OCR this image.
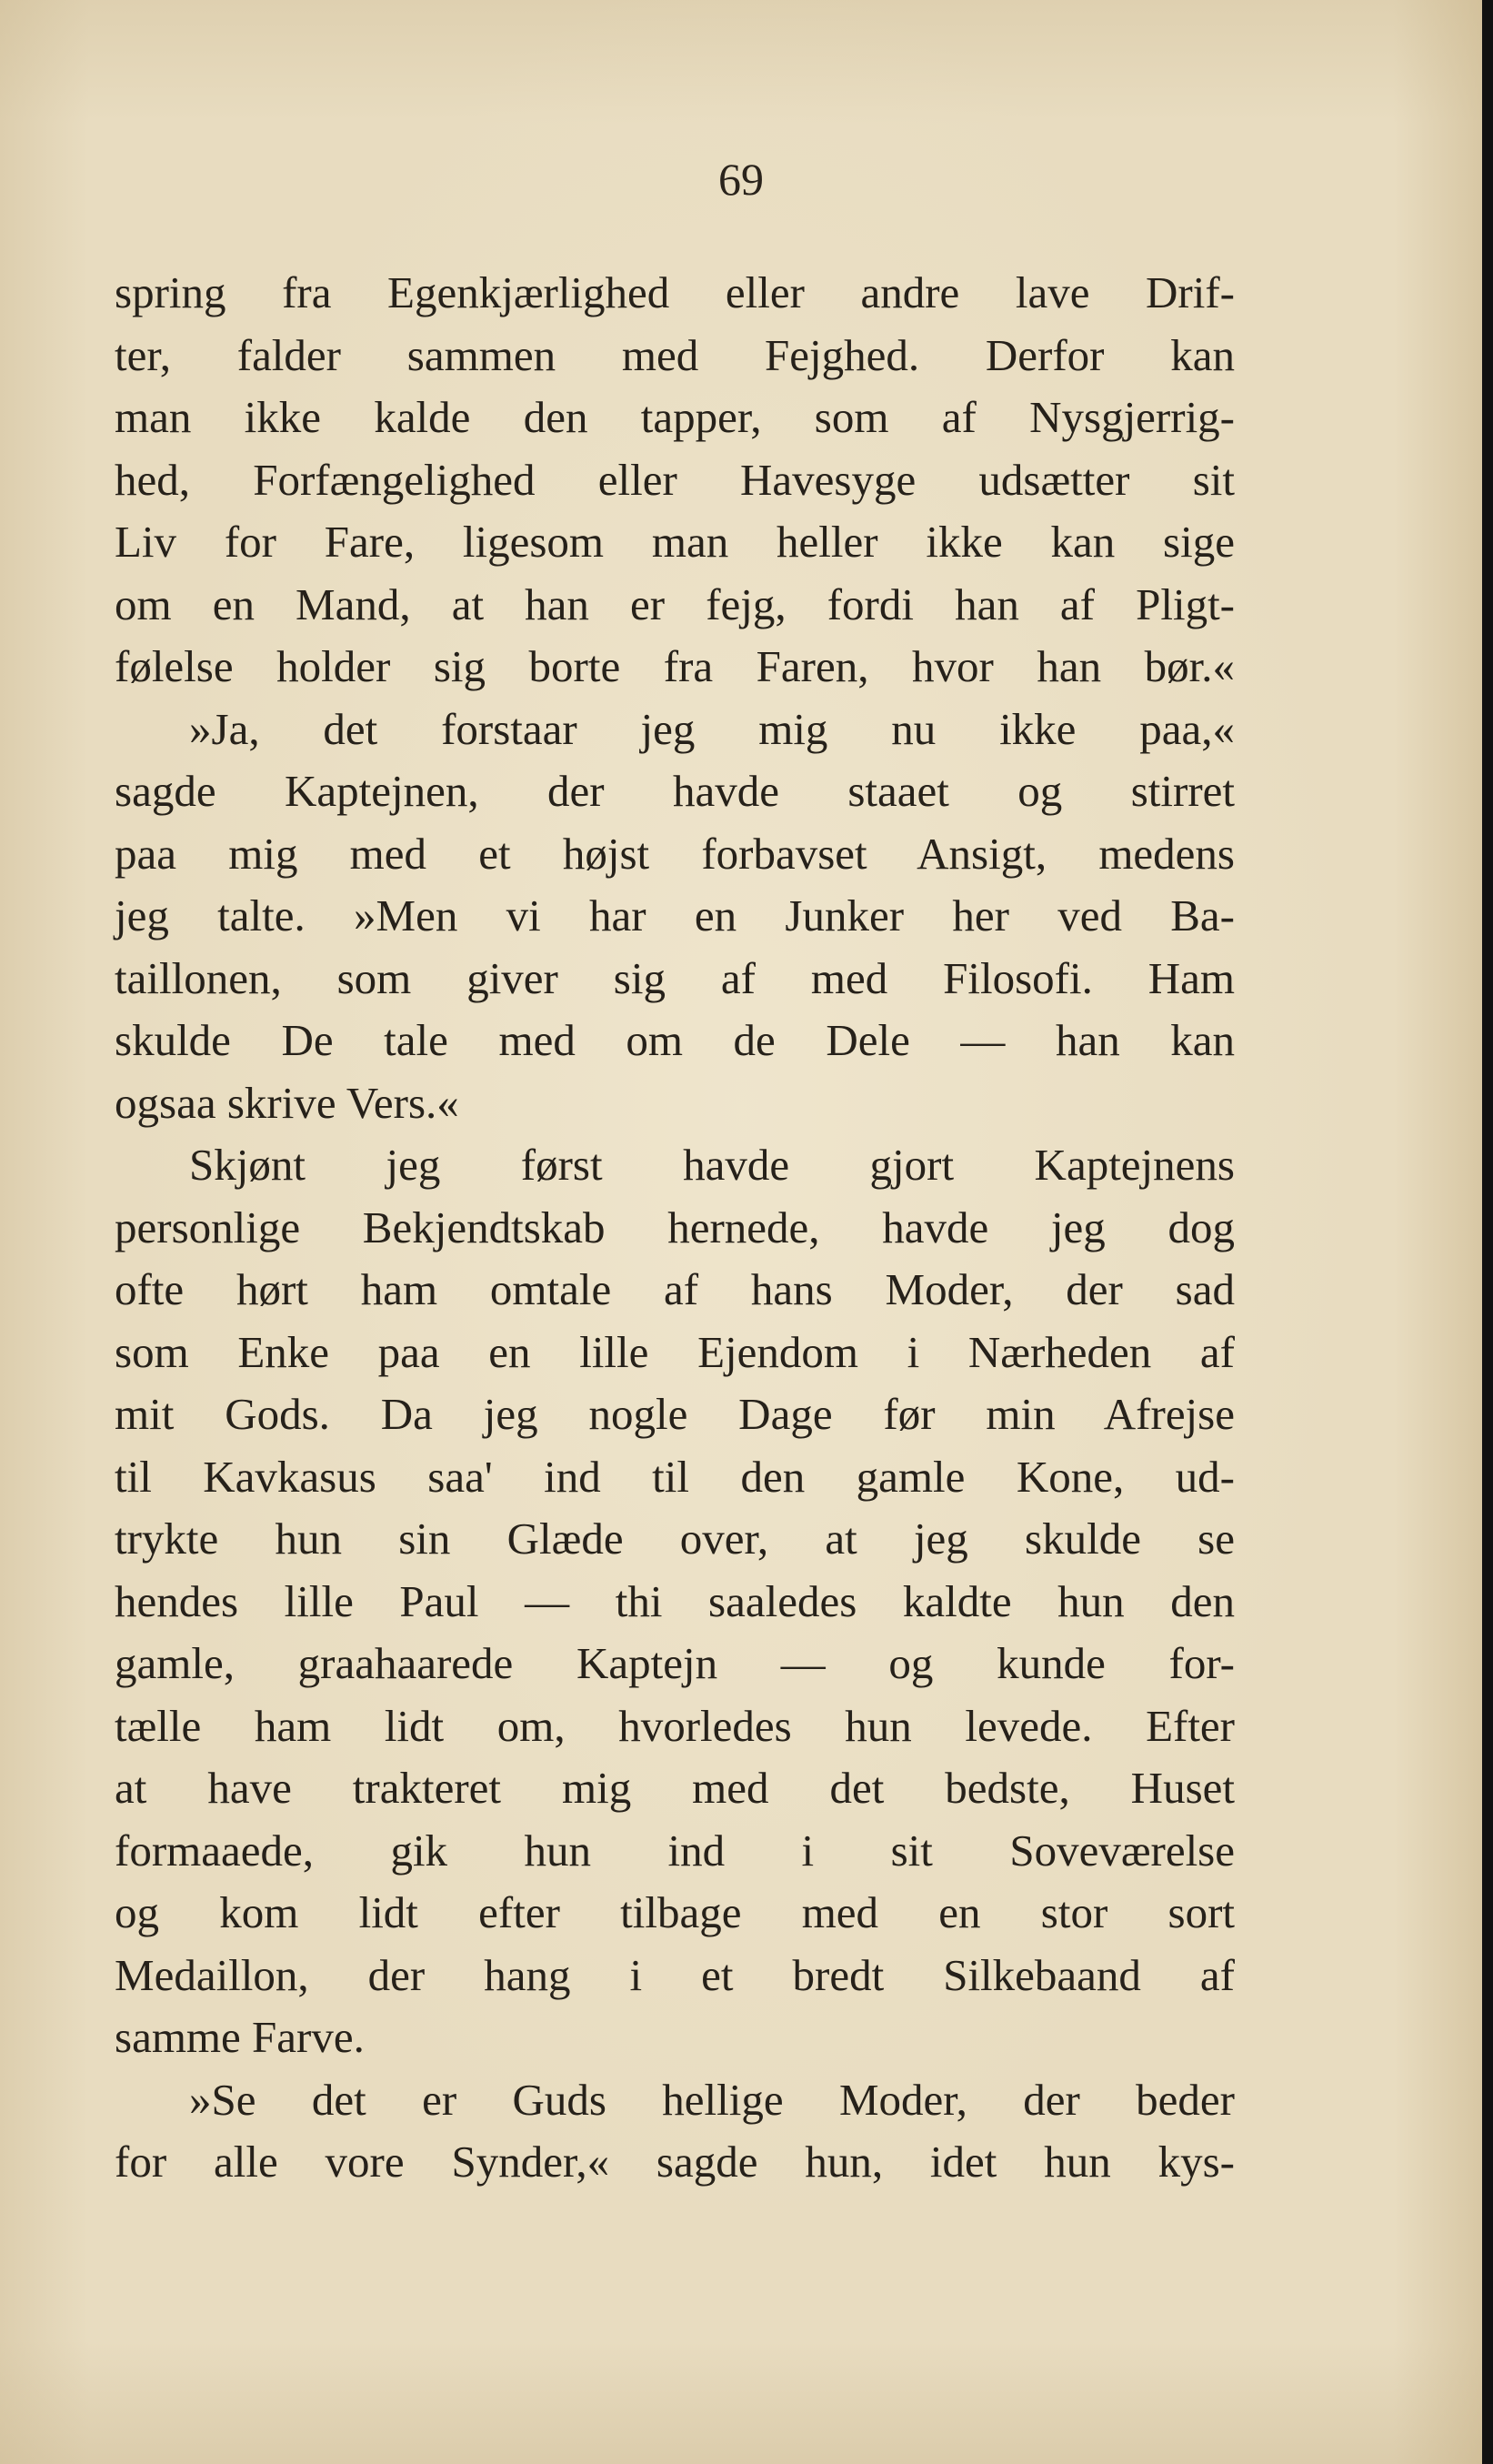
69
spring fra Egenkjærlighed eller andre lave Drif-
ter, falder sammen med Fejghed. Derfor kan
man ikke kalde den tapper, som af Nysgjerrig-
hed, Forfængelighed eller Havesyge udsætter sit
Liv for Fare, ligesom man heller ikke kan sige
om en Mand, at han er fejg, fordi han af Pligt-
følelse holder sig borte fra Faren, hvor han bør.«
»Ja, det forstaar jeg mig nu ikke paa,«
sagde Kaptejnen, der havde staaet og stirret
paa mig med et højst forbavset Ansigt, medens
jeg talte. »Men vi har en Junker her ved Ba-
taillonen, som giver sig af med Filosofi. Ham
skulde De tale med om de Dele — han kan
ogsaa skrive Vers.«
Skjønt jeg først havde gjort Kaptejnens
personlige Bekjendtskab hernede, havde jeg dog
ofte hørt ham omtale af hans Moder, der sad
som Enke paa en lille Ejendom i Nærheden af
mit Gods. Da jeg nogle Dage før min Afrejse
til Kavkasus saa' ind til den gamle Kone, ud-
trykte hun sin Glæde over, at jeg skulde se
hendes lille Paul — thi saaledes kaldte hun den
gamle, graahaarede Kaptejn — og kunde for-
tælle ham lidt om, hvorledes hun levede. Efter
at have trakteret mig med det bedste, Huset
formaaede, gik hun ind i sit Soveværelse
og kom lidt efter tilbage med en stor sort
Medaillon, der hang i et bredt Silkebaand af
samme Farve.
»Se det er Guds hellige Moder, der beder
for alle vore Synder,« sagde hun, idet hun kys-
